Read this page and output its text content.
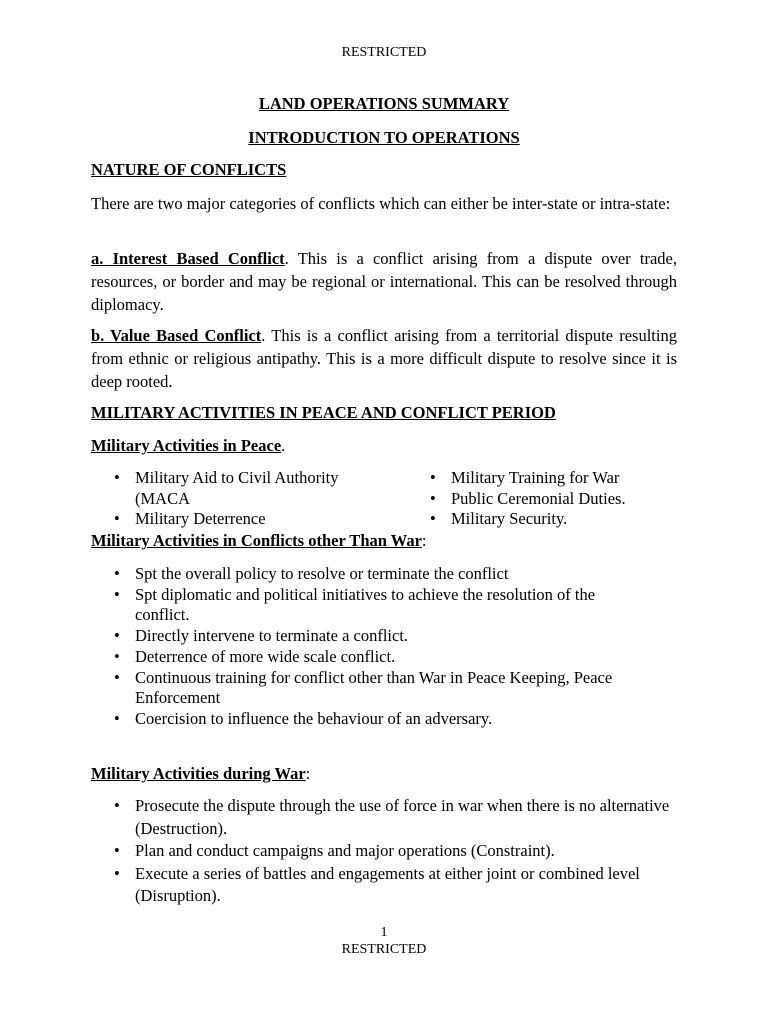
RESTRICTED
LAND OPERATIONS SUMMARY
INTRODUCTION TO OPERATIONS
NATURE OF CONFLICTS

There are two major categories of conflicts which can either be inter-state or intra-state:

a. Interest Based Conflict. This is a conflict arising from a dispute over trade, resources, or border and may be regional or international. This can be resolved through diplomacy.

b. Value Based Conflict. This is a conflict arising from a territorial dispute resulting from ethnic or religious antipathy. This is a more difficult dispute to resolve since it is deep rooted.

MILITARY ACTIVITIES IN PEACE AND CONFLICT PERIOD
Military Activities in Peace.
• Military Aid to Civil Authority (MACA
• Military Deterrence
• Military Training for War
• Public Ceremonial Duties.
• Military Security.
Military Activities in Conflicts other Than War:
• Spt the overall policy to resolve or terminate the conflict
• Spt diplomatic and political initiatives to achieve the resolution of the conflict.
• Directly intervene to terminate a conflict.
• Deterrence of more wide scale conflict.
• Continuous training for conflict other than War in Peace Keeping, Peace Enforcement
• Coercision to influence the behaviour of an adversary.
Military Activities during War:
• Prosecute the dispute through the use of force in war when there is no alternative (Destruction).
• Plan and conduct campaigns and major operations (Constraint).
• Execute a series of battles and engagements at either joint or combined level (Disruption).
1
RESTRICTED
